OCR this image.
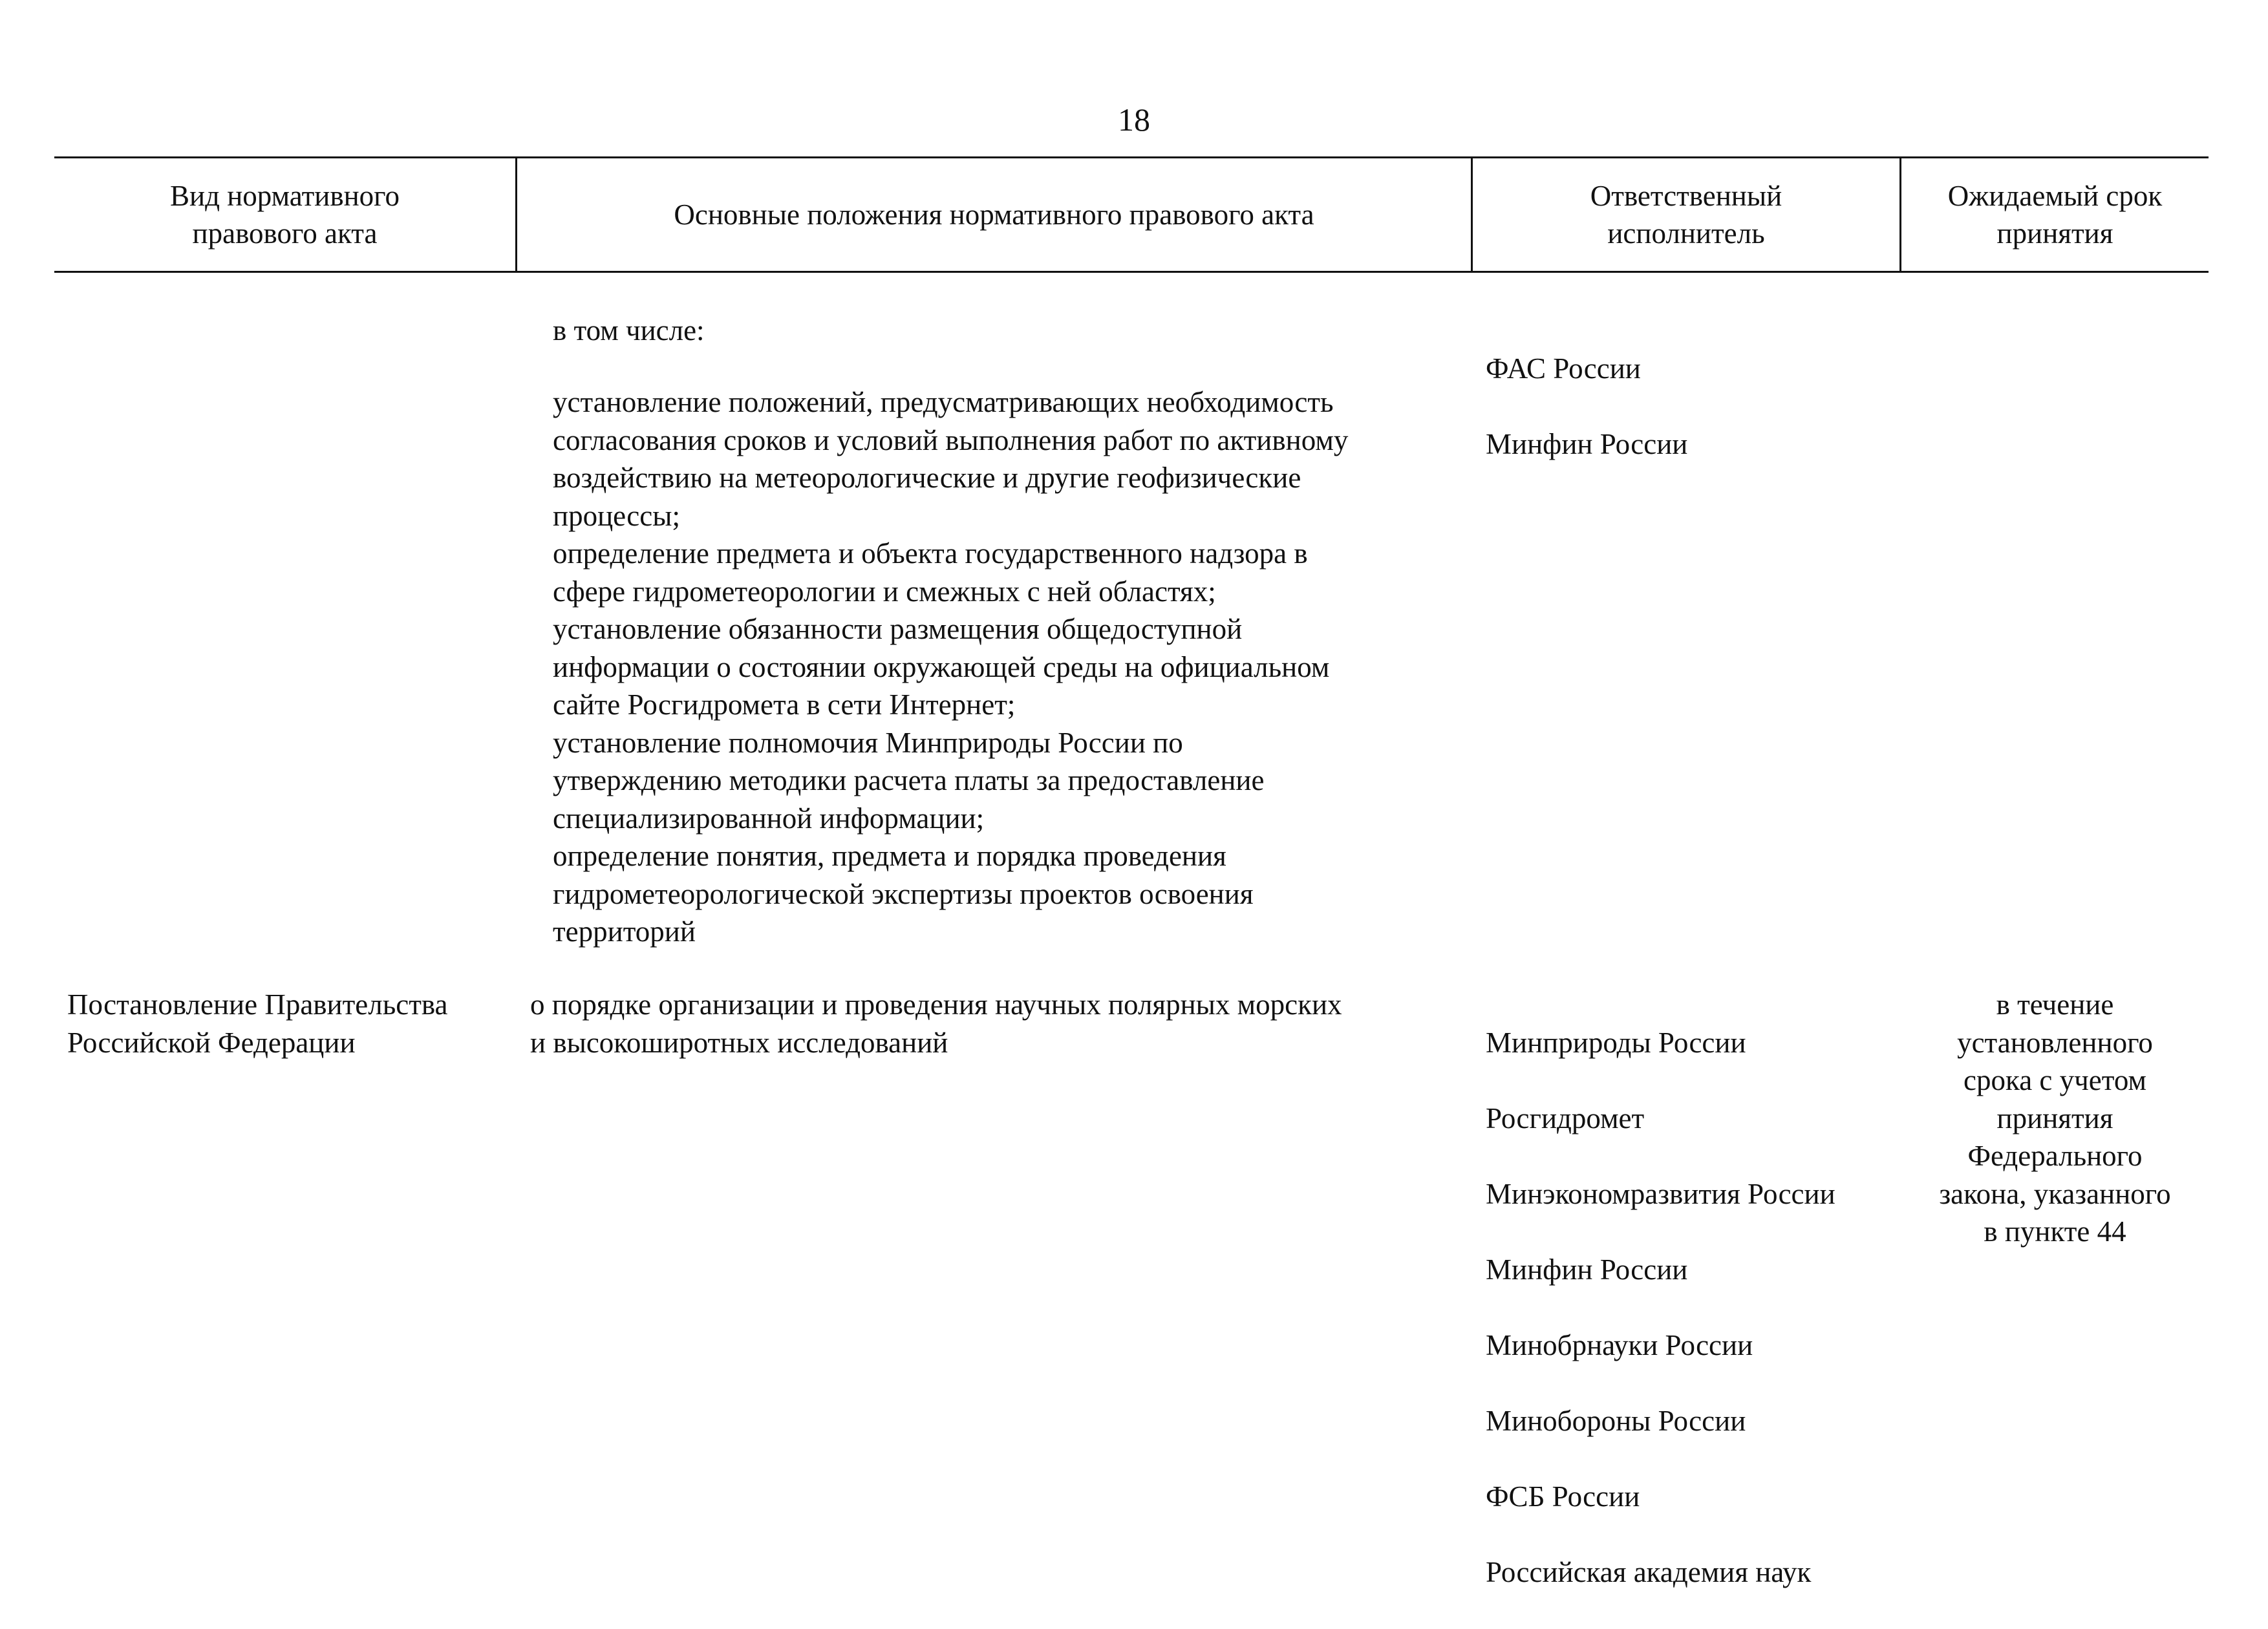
18
Вид нормативного
правового акта
Основные положения нормативного правового акта
Ответственный
исполнитель
Ожидаемый срок
принятия
в том числе:
установление положений, предусматривающих необходимость
согласования сроков и условий выполнения работ по активному
воздействию на метеорологические и другие геофизические
процессы;
определение предмета и объекта государственного надзора в
сфере гидрометеорологии и смежных с ней областях;
установление обязанности размещения общедоступной
информации о состоянии окружающей среды на официальном
сайте Росгидромета в сети Интернет;
установление полномочия Минприроды России по
утверждению методики расчета платы за предоставление
специализированной информации;
определение понятия, предмета и порядка проведения
гидрометеорологической экспертизы проектов освоения
территорий

ФАС России

Минфин России

Постановление Правительства
Российской Федерации
о порядке организации и проведения научных полярных морских
и высокоширотных исследований	Минприроды России

Росгидромет

Минэкономразвития России

Минфин России

Минобрнауки России

Минобороны России

ФСБ России

Российская академия наук

в течение
установленного
срока с учетом
принятия
Федерального
закона, указанного
в пункте 44
